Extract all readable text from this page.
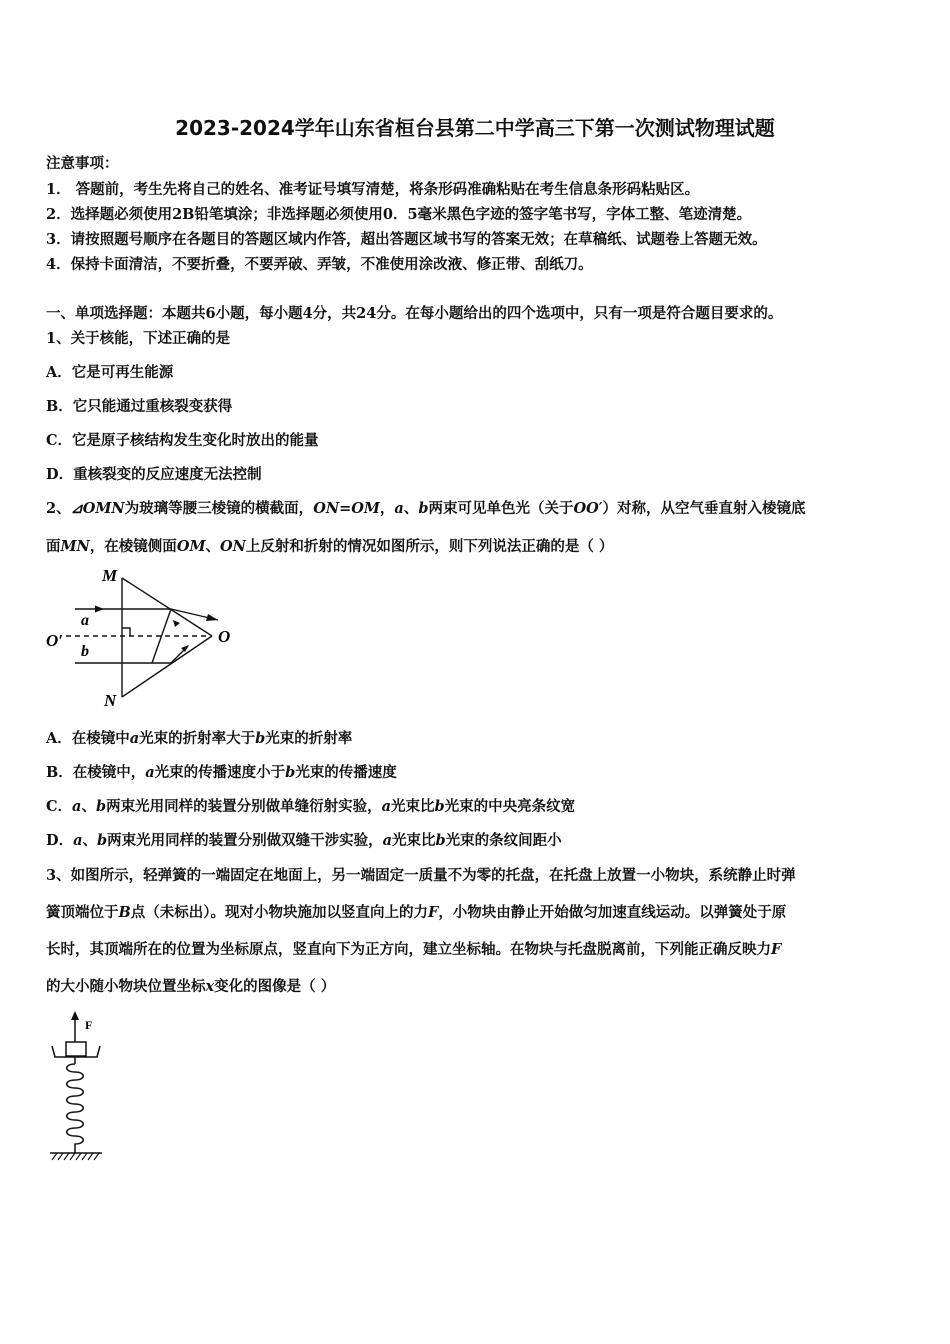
2023-2024学年山东省桓台县第二中学高三下第一次测试物理试题
注意事项：
1． 答题前，考生先将自己的姓名、准考证号填写清楚，将条形码准确粘贴在考生信息条形码粘贴区。
2．选择题必须使用2B铅笔填涂；非选择题必须使用0．5毫米黑色字迹的签字笔书写，字体工整、笔迹清楚。
3．请按照题号顺序在各题目的答题区域内作答，超出答题区域书写的答案无效；在草稿纸、试题卷上答题无效。
4．保持卡面清洁，不要折叠，不要弄破、弄皱，不准使用涂改液、修正带、刮纸刀。
一、单项选择题：本题共6小题，每小题4分，共24分。在每小题给出的四个选项中，只有一项是符合题目要求的。
1、关于核能，下述正确的是
A．它是可再生能源
B．它只能通过重核裂变获得
C．它是原子核结构发生变化时放出的能量
D．重核裂变的反应速度无法控制
2、⊿OMN为玻璃等腰三棱镜的横截面，ON=OM，a、b两束可见单色光（关于OO′）对称，从空气垂直射入棱镜底
面MN，在棱镜侧面OM、ON上反射和折射的情况如图所示，则下列说法正确的是（ ）
M
N
O
O′
a
b
A．在棱镜中a光束的折射率大于b光束的折射率
B．在棱镜中，a光束的传播速度小于b光束的传播速度
C．a、b两束光用同样的装置分别做单缝衍射实验，a光束比b光束的中央亮条纹宽
D．a、b两束光用同样的装置分别做双缝干涉实验，a光束比b光束的条纹间距小
3、如图所示，轻弹簧的一端固定在地面上，另一端固定一质量不为零的托盘，在托盘上放置一小物块，系统静止时弹
簧顶端位于B点（未标出）。现对小物块施加以竖直向上的力F，小物块由静止开始做匀加速直线运动。以弹簧处于原
长时，其顶端所在的位置为坐标原点，竖直向下为正方向，建立坐标轴。在物块与托盘脱离前，下列能正确反映力F
的大小随小物块位置坐标x变化的图像是（ ）
F
